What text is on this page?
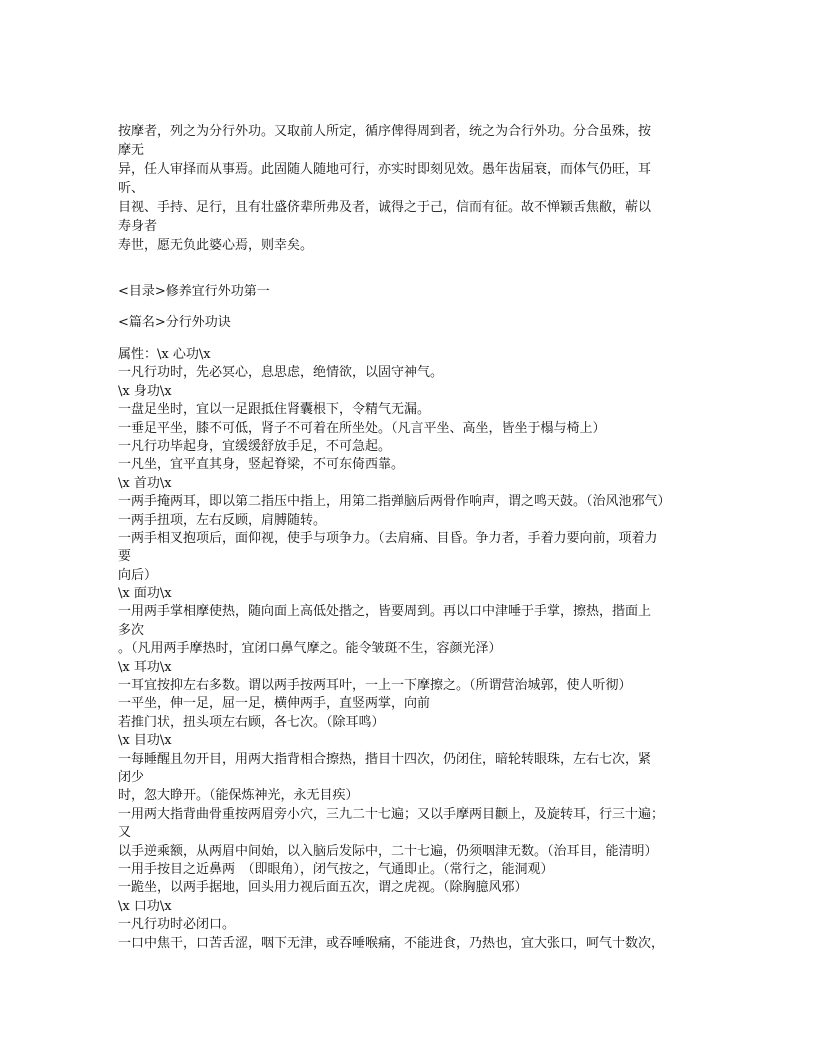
按摩者，列之为分行外功。又取前人所定，循序俾得周到者，统之为合行外功。分合虽殊，按
摩无
异，任人审择而从事焉。此固随人随地可行，亦实时即刻见效。愚年齿届衰，而体气仍旺，耳
听、
目视、手持、足行，且有壮盛侪辈所弗及者，诚得之于己，信而有征。故不惮颖舌焦敝，蕲以
寿身者
寿世，愿无负此婆心焉，则幸矣。
<目录>修养宜行外功第一
<篇名>分行外功诀
属性：\x 心功\x
一凡行功时，先必冥心，息思虑，绝情欲，以固守神气。
\x 身功\x
一盘足坐时，宜以一足跟抵住肾囊根下，令精气无漏。
一垂足平坐，膝不可低，肾子不可着在所坐处。（凡言平坐、高坐，皆坐于榻与椅上）
一凡行功毕起身，宜缓缓舒放手足，不可急起。
一凡坐，宜平直其身，竖起脊梁，不可东倚西靠。
\x 首功\x
一两手掩两耳，即以第二指压中指上，用第二指弹脑后两骨作响声，谓之鸣天鼓。（治风池邪气）
一两手扭项，左右反顾，肩膊随转。
一两手相叉抱项后，面仰视，使手与项争力。（去肩痛、目昏。争力者，手着力要向前，项着力
要
向后）
\x 面功\x
一用两手掌相摩使热，随向面上高低处揩之，皆要周到。再以口中津唾于手掌，擦热，揩面上
多次
。（凡用两手摩热时，宜闭口鼻气摩之。能令皱斑不生，容颜光泽）
\x 耳功\x
一耳宜按抑左右多数。谓以两手按两耳叶，一上一下摩擦之。（所谓营治城郭，使人听彻）
一平坐，伸一足，屈一足，横伸两手，直竖两掌，向前
若推门状，扭头项左右顾，各七次。（除耳鸣）
\x 目功\x
一每睡醒且勿开目，用两大指背相合擦热，揩目十四次，仍闭住，暗轮转眼珠，左右七次，紧
闭少
时，忽大睁开。（能保炼神光，永无目疾）
一用两大指背曲骨重按两眉旁小穴，三九二十七遍；又以手摩两目颧上，及旋转耳，行三十遍；
又
以手逆乘额，从两眉中间始，以入脑后发际中，二十七遍，仍须咽津无数。（治耳目，能清明）
一用手按目之近鼻两　（即眼角），闭气按之，气通即止。（常行之，能洞观）
一跪坐，以两手据地，回头用力视后面五次，谓之虎视。（除胸臆风邪）
\x 口功\x
一凡行功时必闭口。
一口中焦干，口苦舌涩，咽下无津，或吞唾喉痛，不能进食，乃热也，宜大张口，呵气十数次，
